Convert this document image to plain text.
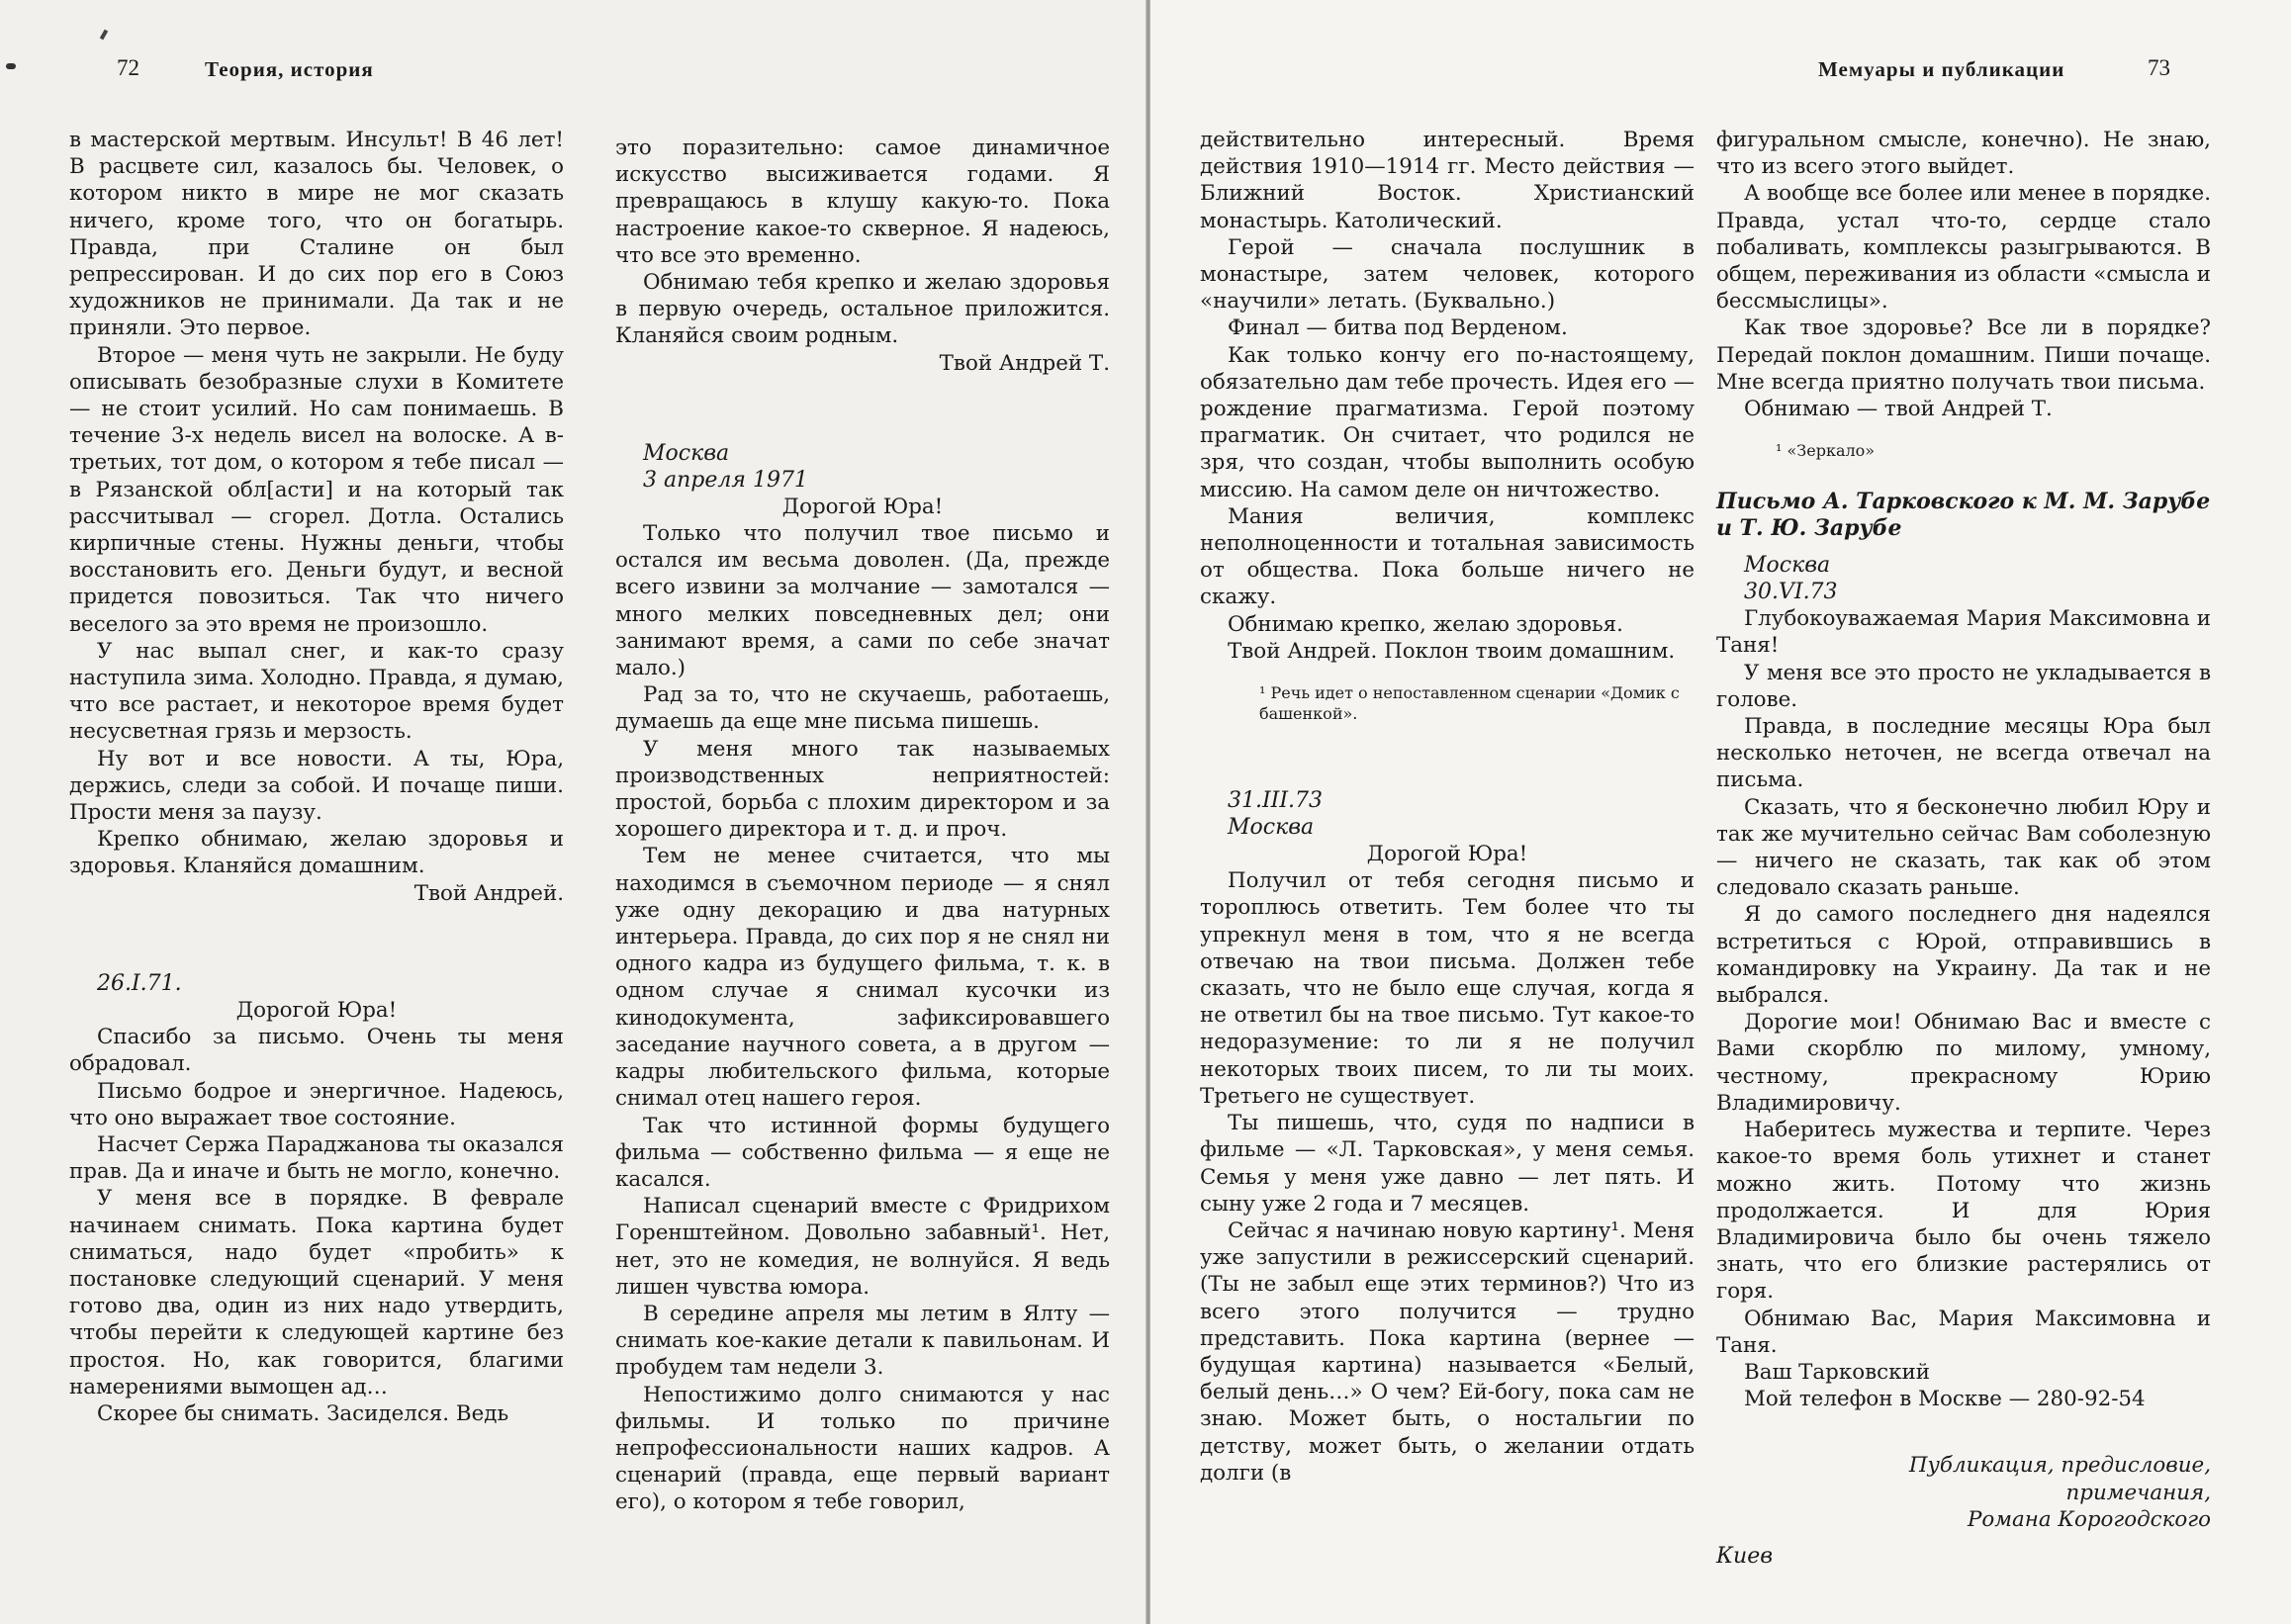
72	Теория, история

в мастерской мертвым. Инсульт! В 46 лет! В расцвете сил, казалось бы. Человек, о котором никто в мире не мог сказать ничего, кроме того, что он богатырь. Правда, при Сталине он был репрессирован. И до сих пор его в Союз художников не принимали. Да так и не приняли. Это первое.

Второе — меня чуть не закрыли. Не буду описывать безобразные слухи в Комитете — не стоит усилий. Но сам понимаешь. В течение 3-х недель висел на волоске. А в-третьих, тот дом, о котором я тебе писал — в Рязанской обл[асти] и на который так рассчитывал — сгорел. Дотла. Остались кирпичные стены. Нужны деньги, чтобы восстановить его. Деньги будут, и весной придется повозиться. Так что ничего веселого за это время не произошло.

У нас выпал снег, и как-то сразу наступила зима. Холодно. Правда, я думаю, что все растает, и некоторое время будет несусветная грязь и мерзость.

Ну вот и все новости. А ты, Юра, держись, следи за собой. И почаще пиши. Прости меня за паузу.

Крепко обнимаю, желаю здоровья и здоровья. Кланяйся домашним.

Твой Андрей.

26.I.71.

Дорогой Юра!

Спасибо за письмо. Очень ты меня обрадовал.

Письмо бодрое и энергичное. Надеюсь, что оно выражает твое состояние.

Насчет Сержа Параджанова ты оказался прав. Да и иначе и быть не могло, конечно.

У меня все в порядке. В феврале начинаем снимать. Пока картина будет сниматься, надо будет «пробить» к постановке следующий сценарий. У меня готово два, один из них надо утвердить, чтобы перейти к следующей картине без простоя. Но, как говорится, благими намерениями вымощен ад…

Скорее бы снимать. Засиделся. Ведь

это поразительно: самое динамичное искусство высиживается годами. Я превращаюсь в клушу какую-то. Пока настроение какое-то скверное. Я надеюсь, что все это временно.

Обнимаю тебя крепко и желаю здоровья в первую очередь, остальное приложится. Кланяйся своим родным.

Твой Андрей Т.

Москва

3 апреля 1971

Дорогой Юра!

Только что получил твое письмо и остался им весьма доволен. (Да, прежде всего извини за молчание — замотался — много мелких повседневных дел; они занимают время, а сами по себе значат мало.)

Рад за то, что не скучаешь, работаешь, думаешь да еще мне письма пишешь.

У меня много так называемых производственных неприятностей: простой, борьба с плохим директором и за хорошего директора и т. д. и проч.

Тем не менее считается, что мы находимся в съемочном периоде — я снял уже одну декорацию и два натурных интерьера. Правда, до сих пор я не снял ни одного кадра из будущего фильма, т. к. в одном случае я снимал кусочки из кинодокумента, зафиксировавшего заседание научного совета, а в другом — кадры любительского фильма, которые снимал отец нашего героя.

Так что истинной формы будущего фильма — собственно фильма — я еще не касался.

Написал сценарий вместе с Фридрихом Горенштейном. Довольно забавный¹. Нет, нет, это не комедия, не волнуйся. Я ведь лишен чувства юмора.

В середине апреля мы летим в Ялту — снимать кое-какие детали к павильонам. И пробудем там недели 3.

Непостижимо долго снимаются у нас фильмы. И только по причине непрофессиональности наших кадров. А сценарий (правда, еще первый вариант его), о котором я тебе говорил,

Мемуары и публикации	73

действительно интересный. Время действия 1910—1914 гг. Место действия — Ближний Восток. Христианский монастырь. Католический.

Герой — сначала послушник в монастыре, затем человек, которого «научили» летать. (Буквально.)

Финал — битва под Верденом.

Как только кончу его по-настоящему, обязательно дам тебе прочесть. Идея его — рождение прагматизма. Герой поэтому прагматик. Он считает, что родился не зря, что создан, чтобы выполнить особую миссию. На самом деле он ничтожество.

Мания величия, комплекс неполноценности и тотальная зависимость от общества. Пока больше ничего не скажу.

Обнимаю крепко, желаю здоровья.

Твой Андрей. Поклон твоим домашним.

¹ Речь идет о непоставленном сценарии «Домик с башенкой».

31.III.73

Москва

Дорогой Юра!

Получил от тебя сегодня письмо и тороплюсь ответить. Тем более что ты упрекнул меня в том, что я не всегда отвечаю на твои письма. Должен тебе сказать, что не было еще случая, когда я не ответил бы на твое письмо. Тут какое-то недоразумение: то ли я не получил некоторых твоих писем, то ли ты моих. Третьего не существует.

Ты пишешь, что, судя по надписи в фильме — «Л. Тарковская», у меня семья. Семья у меня уже давно — лет пять. И сыну уже 2 года и 7 месяцев.

Сейчас я начинаю новую картину¹. Меня уже запустили в режиссерский сценарий. (Ты не забыл еще этих терминов?) Что из всего этого получится — трудно представить. Пока картина (вернее — будущая картина) называется «Белый, белый день…» О чем? Ей-богу, пока сам не знаю. Может быть, о ностальгии по детству, может быть, о желании отдать долги (в

фигуральном смысле, конечно). Не знаю, что из всего этого выйдет.

А вообще все более или менее в порядке. Правда, устал что-то, сердце стало побаливать, комплексы разыгрываются. В общем, переживания из области «смысла и бессмыслицы».

Как твое здоровье? Все ли в порядке? Передай поклон домашним. Пиши почаще. Мне всегда приятно получать твои письма.

Обнимаю — твой Андрей Т.

¹ «Зеркало»

Письмо А. Тарковского к М. М. Зарубе и Т. Ю. Зарубе

Москва

30.VI.73

Глубокоуважаемая Мария Максимовна и Таня!

У меня все это просто не укладывается в голове.

Правда, в последние месяцы Юра был несколько неточен, не всегда отвечал на письма.

Сказать, что я бесконечно любил Юру и так же мучительно сейчас Вам соболезную — ничего не сказать, так как об этом следовало сказать раньше.

Я до самого последнего дня надеялся встретиться с Юрой, отправившись в командировку на Украину. Да так и не выбрался.

Дорогие мои! Обнимаю Вас и вместе с Вами скорблю по милому, умному, честному, прекрасному Юрию Владимировичу.

Наберитесь мужества и терпите. Через какое-то время боль утихнет и станет можно жить. Потому что жизнь продолжается. И для Юрия Владимировича было бы очень тяжело знать, что его близкие растерялись от горя.

Обнимаю Вас, Мария Максимовна и Таня.

Ваш Тарковский

Мой телефон в Москве — 280-92-54

Публикация, предисловие,

примечания,

Романа Корогодского

Киев
